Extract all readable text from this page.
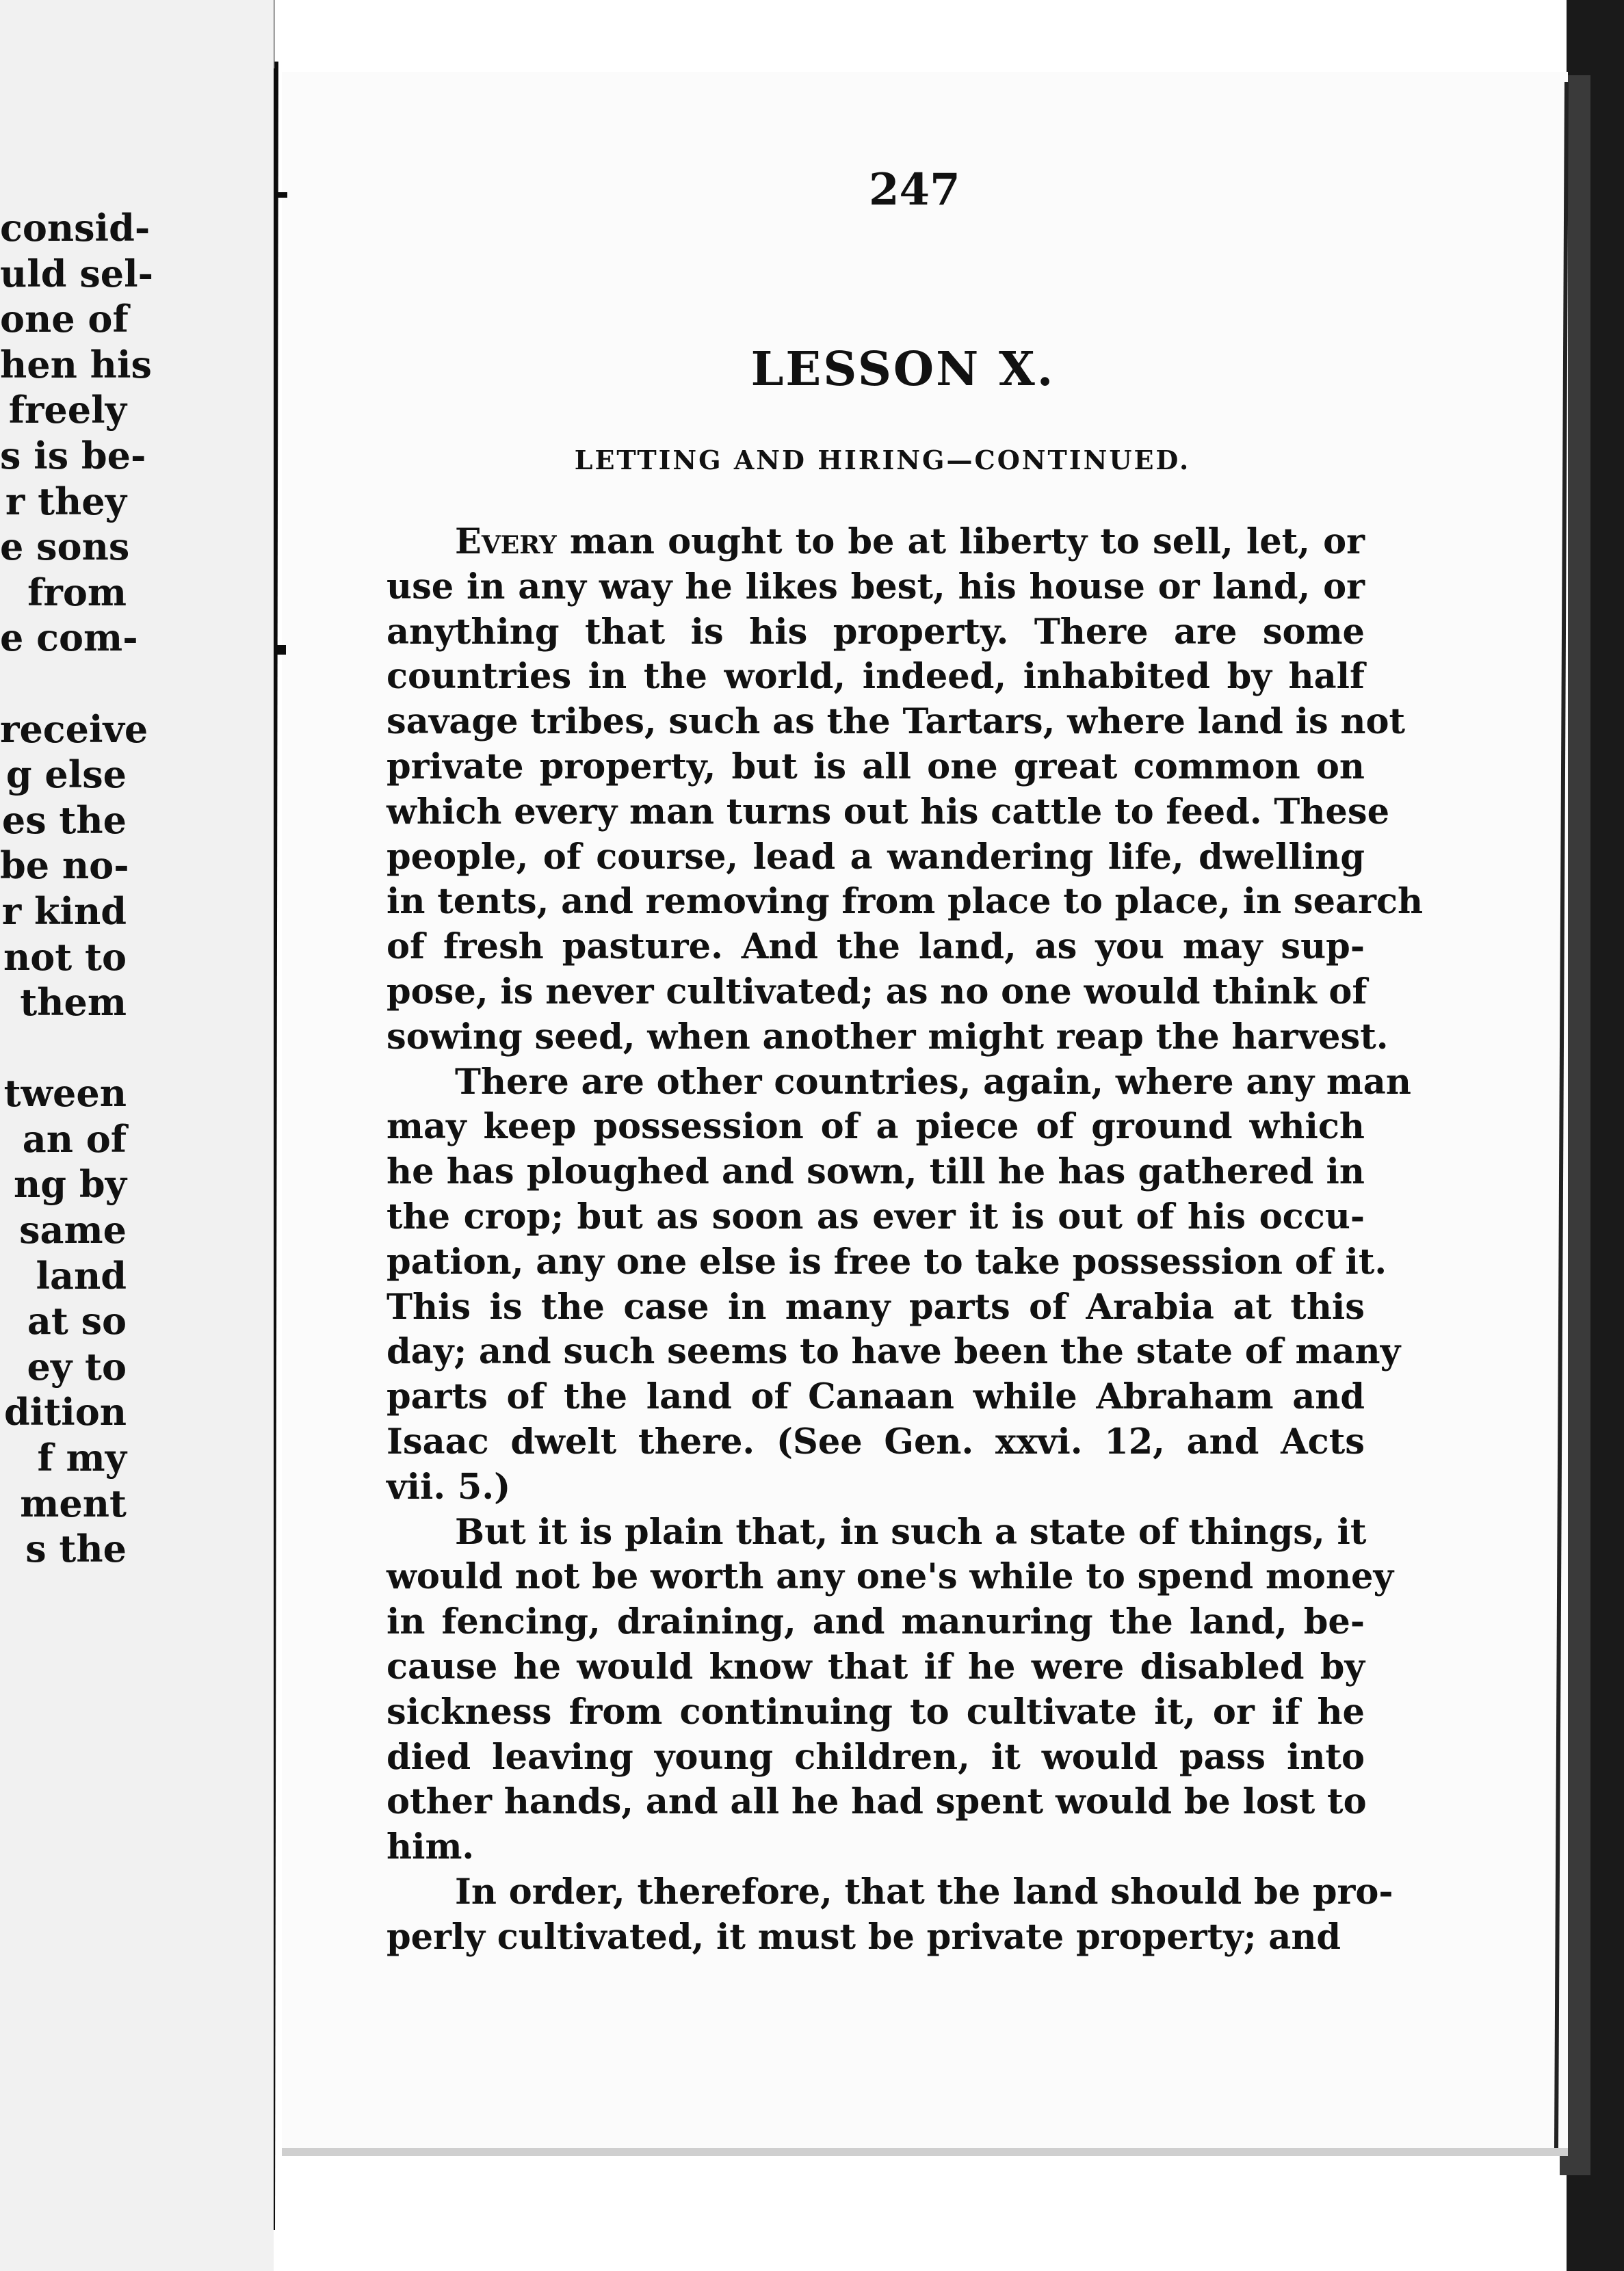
consid-
uld sel-
one of
hen his
freely
s is be-
r they
e sons
from
e com-

receive
g else
es the
be no-
r kind
not to
them

tween
an of
ng by
same
land
at so
ey to
dition
f my
ment
s the
247
LESSON X.
LETTING AND HIRING—CONTINUED.

Every man ought to be at liberty to sell, let, or
use in any way he likes best, his house or land, or
anything that is his property. There are some
countries in the world, indeed, inhabited by half
savage tribes, such as the Tartars, where land is not
private property, but is all one great common on
which every man turns out his cattle to feed. These
people, of course, lead a wandering life, dwelling
in tents, and removing from place to place, in search
of fresh pasture. And the land, as you may sup-
pose, is never cultivated; as no one would think of
sowing seed, when another might reap the harvest.

There are other countries, again, where any man
may keep possession of a piece of ground which
he has ploughed and sown, till he has gathered in
the crop; but as soon as ever it is out of his occu-
pation, any one else is free to take possession of it.
This is the case in many parts of Arabia at this
day; and such seems to have been the state of many
parts of the land of Canaan while Abraham and
Isaac dwelt there. (See Gen. xxvi. 12, and Acts
vii. 5.)

But it is plain that, in such a state of things, it
would not be worth any one's while to spend money
in fencing, draining, and manuring the land, be-
cause he would know that if he were disabled by
sickness from continuing to cultivate it, or if he
died leaving young children, it would pass into
other hands, and all he had spent would be lost to
him.

In order, therefore, that the land should be pro-
perly cultivated, it must be private property; and
